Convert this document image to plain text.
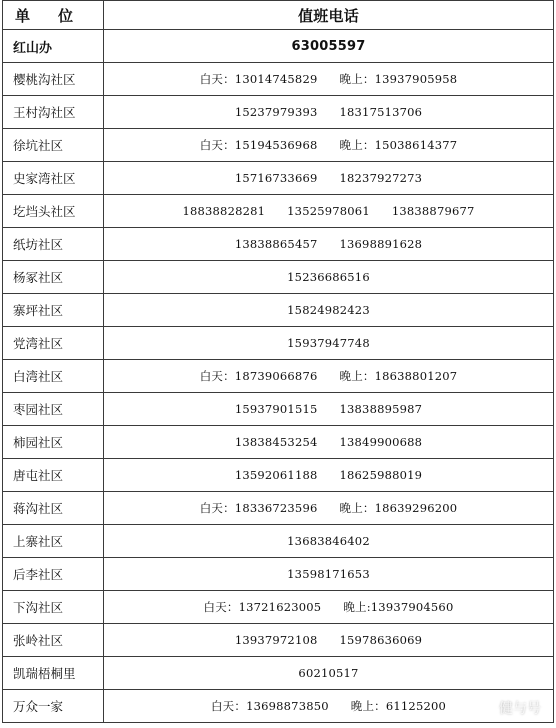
单位	值班电话
红山办	63005597
樱桃沟社区	白天：13014745829 晚上：13937905958
王村沟社区	15237979393 18317513706
徐坑社区	白天：15194536968 晚上：15038614377
史家湾社区	15716733669 18237927273
圪垱头社区	18838828281 13525978061 13838879677
纸坊社区	13838865457 13698891628
杨冢社区	15236686516
寨坪社区	15824982423
党湾社区	15937947748
白湾社区	白天：18739066876 晚上：18638801207
枣园社区	15937901515 13838895987
柿园社区	13838453254 13849900688
唐屯社区	13592061188 18625988019
蒋沟社区	白天：18336723596 晚上：18639296200
上寨社区	13683846402
后李社区	13598171653
下沟社区	白天：13721623005 晚上:13937904560
张岭社区	13937972108 15978636069
凯瑞梧桐里	60210517
万众一家	白天：13698873850 晚上：61125200	健与号
